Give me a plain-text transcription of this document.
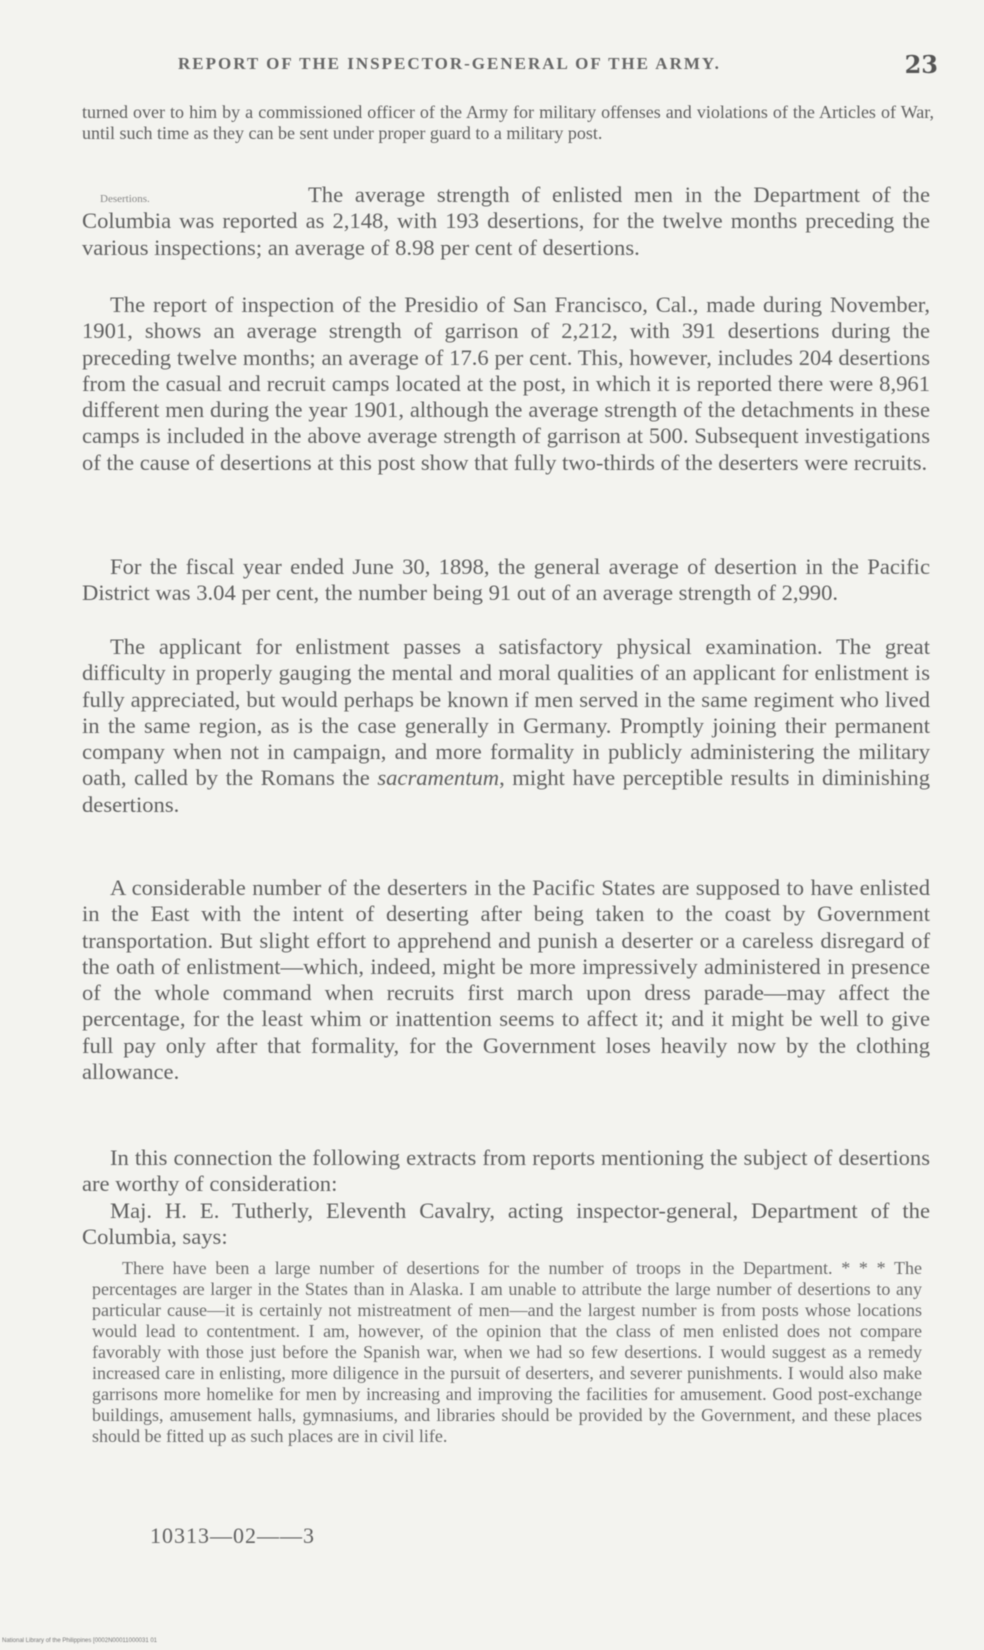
REPORT OF THE INSPECTOR-GENERAL OF THE ARMY.	23

turned over to him by a commissioned officer of the Army for military offenses and violations of the Articles of War, until such time as they can be sent under proper guard to a military post.

Desertions.	The average strength of enlisted men in the Department of the Columbia was reported as 2,148, with 193 desertions, for the twelve months preceding the various inspections; an average of 8.98 per cent of desertions.

The report of inspection of the Presidio of San Francisco, Cal., made during November, 1901, shows an average strength of garrison of 2,212, with 391 desertions during the preceding twelve months; an average of 17.6 per cent. This, however, includes 204 desertions from the casual and recruit camps located at the post, in which it is reported there were 8,961 different men during the year 1901, although the average strength of the detachments in these camps is included in the above average strength of garrison at 500. Subsequent investigations of the cause of desertions at this post show that fully two-thirds of the deserters were recruits.

For the fiscal year ended June 30, 1898, the general average of desertion in the Pacific District was 3.04 per cent, the number being 91 out of an average strength of 2,990.

The applicant for enlistment passes a satisfactory physical examination. The great difficulty in properly gauging the mental and moral qualities of an applicant for enlistment is fully appreciated, but would perhaps be known if men served in the same regiment who lived in the same region, as is the case generally in Germany. Promptly joining their permanent company when not in campaign, and more formality in publicly administering the military oath, called by the Romans the sacramentum, might have perceptible results in diminishing desertions.

A considerable number of the deserters in the Pacific States are supposed to have enlisted in the East with the intent of deserting after being taken to the coast by Government transportation. But slight effort to apprehend and punish a deserter or a careless disregard of the oath of enlistment—which, indeed, might be more impressively administered in presence of the whole command when recruits first march upon dress parade—may affect the percentage, for the least whim or inattention seems to affect it; and it might be well to give full pay only after that formality, for the Government loses heavily now by the clothing allowance.

In this connection the following extracts from reports mentioning the subject of desertions are worthy of consideration:

Maj. H. E. Tutherly, Eleventh Cavalry, acting inspector-general, Department of the Columbia, says:

There have been a large number of desertions for the number of troops in the Department. * * * The percentages are larger in the States than in Alaska. I am unable to attribute the large number of desertions to any particular cause—it is certainly not mistreatment of men—and the largest number is from posts whose locations would lead to contentment. I am, however, of the opinion that the class of men enlisted does not compare favorably with those just before the Spanish war, when we had so few desertions. I would suggest as a remedy increased care in enlisting, more diligence in the pursuit of deserters, and severer punishments. I would also make garrisons more homelike for men by increasing and improving the facilities for amusement. Good post-exchange buildings, amusement halls, gymnasiums, and libraries should be provided by the Government, and these places should be fitted up as such places are in civil life.

10313—02——3
National Library of the Philippines [0002N00011000031 01
